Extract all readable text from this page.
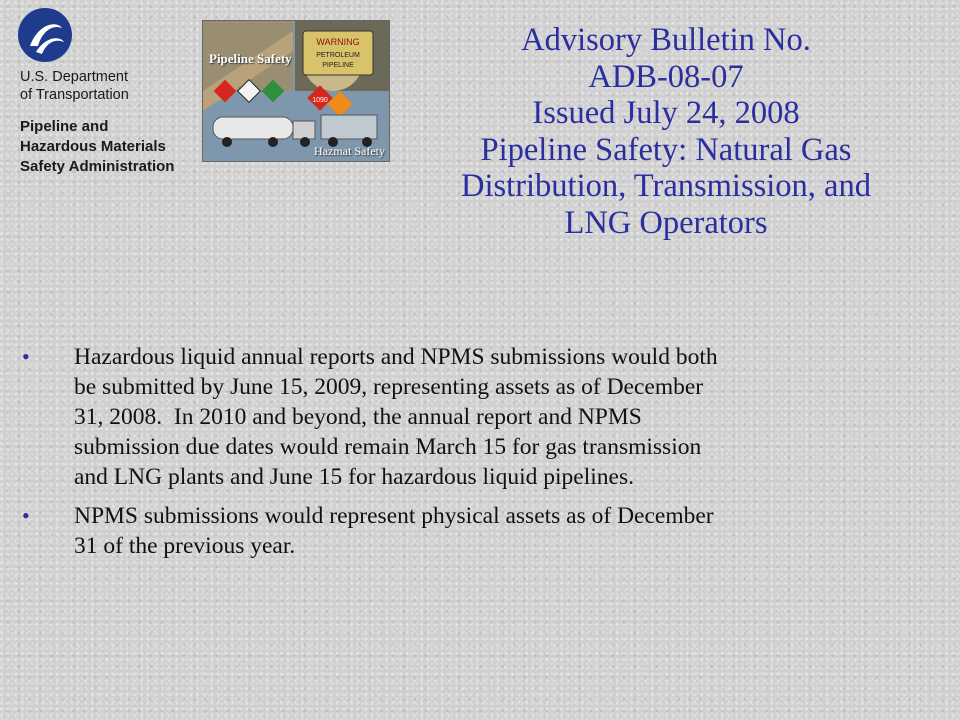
U.S. Department
of Transportation
Pipeline and
Hazardous Materials
Safety Administration
WARNING
PETROLEUM
PIPELINE
1090
Pipeline Safety
Hazmat Safety
Advisory Bulletin No.
ADB-08-07
Issued July 24, 2008
Pipeline Safety: Natural Gas
Distribution, Transmission, and
LNG Operators
• Hazardous liquid annual reports and NPMS submissions would both
be submitted by June 15, 2009, representing assets as of December
31, 2008.  In 2010 and beyond, the annual report and NPMS
submission due dates would remain March 15 for gas transmission
and LNG plants and June 15 for hazardous liquid pipelines.
• NPMS submissions would represent physical assets as of December
31 of the previous year.
